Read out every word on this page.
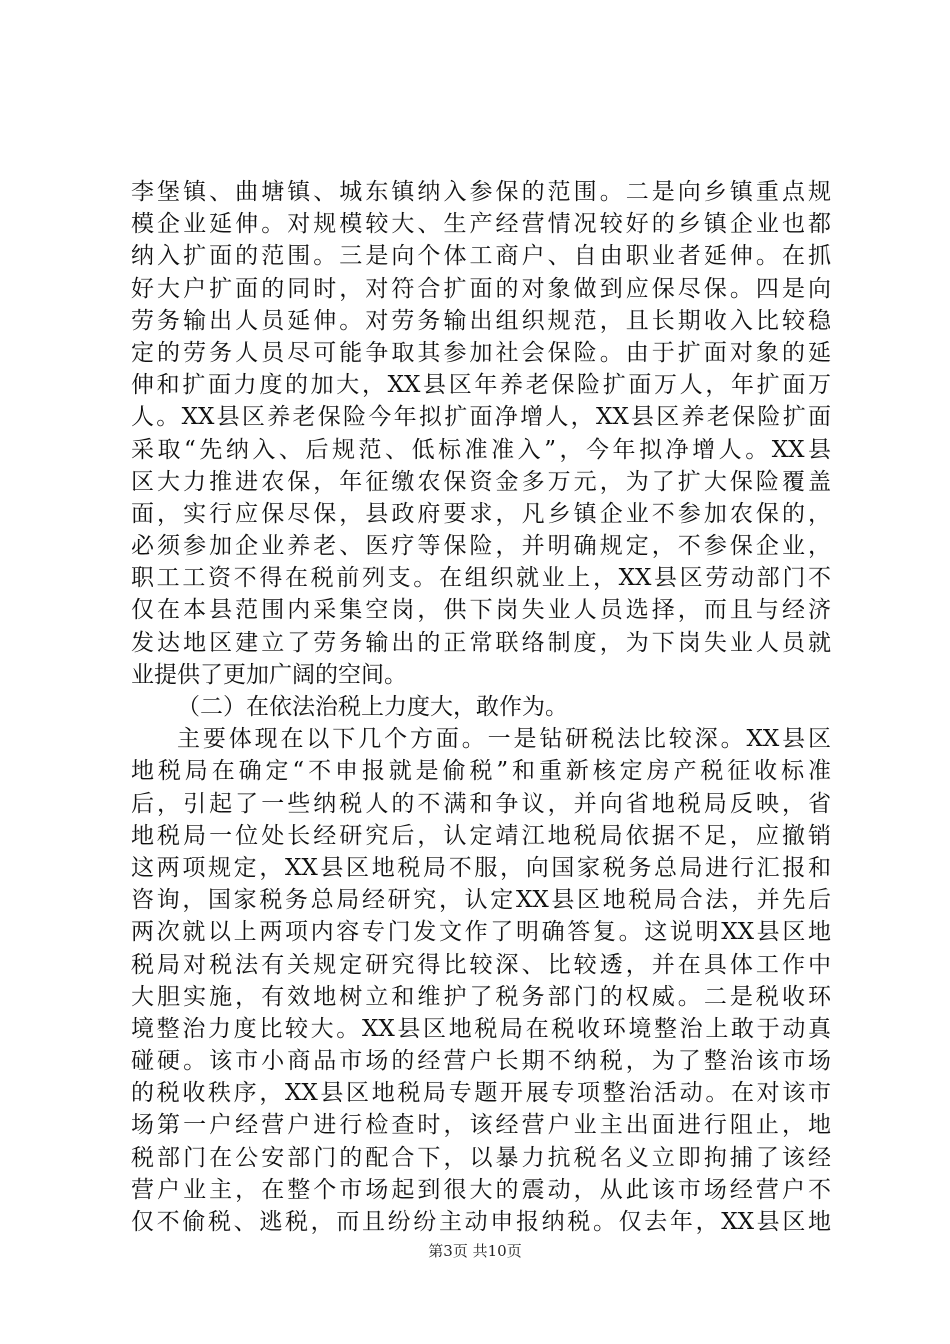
李堡镇、曲塘镇、城东镇纳入参保的范围。二是向乡镇重点规
模企业延伸。对规模较大、生产经营情况较好的乡镇企业也都
纳入扩面的范围。三是向个体工商户、自由职业者延伸。在抓
好大户扩面的同时，对符合扩面的对象做到应保尽保。四是向
劳务输出人员延伸。对劳务输出组织规范，且长期收入比较稳
定的劳务人员尽可能争取其参加社会保险。由于扩面对象的延
伸和扩面力度的加大，XX县区年养老保险扩面万人，年扩面万
人。XX县区养老保险今年拟扩面净增人，XX县区养老保险扩面
采取“先纳入、后规范、低标准准入”，今年拟净增人。XX县
区大力推进农保，年征缴农保资金多万元，为了扩大保险覆盖
面，实行应保尽保，县政府要求，凡乡镇企业不参加农保的，
必须参加企业养老、医疗等保险，并明确规定，不参保企业，
职工工资不得在税前列支。在组织就业上，XX县区劳动部门不
仅在本县范围内采集空岗，供下岗失业人员选择，而且与经济
发达地区建立了劳务输出的正常联络制度，为下岗失业人员就
业提供了更加广阔的空间。
（二）在依法治税上力度大，敢作为。
主要体现在以下几个方面。一是钻研税法比较深。XX县区
地税局在确定“不申报就是偷税”和重新核定房产税征收标准
后，引起了一些纳税人的不满和争议，并向省地税局反映，省
地税局一位处长经研究后，认定靖江地税局依据不足，应撤销
这两项规定，XX县区地税局不服，向国家税务总局进行汇报和
咨询，国家税务总局经研究，认定XX县区地税局合法，并先后
两次就以上两项内容专门发文作了明确答复。这说明XX县区地
税局对税法有关规定研究得比较深、比较透，并在具体工作中
大胆实施，有效地树立和维护了税务部门的权威。二是税收环
境整治力度比较大。XX县区地税局在税收环境整治上敢于动真
碰硬。该市小商品市场的经营户长期不纳税，为了整治该市场
的税收秩序，XX县区地税局专题开展专项整治活动。在对该市
场第一户经营户进行检查时，该经营户业主出面进行阻止，地
税部门在公安部门的配合下，以暴力抗税名义立即拘捕了该经
营户业主，在整个市场起到很大的震动，从此该市场经营户不
仅不偷税、逃税，而且纷纷主动申报纳税。仅去年，XX县区地
第3页 共10页
